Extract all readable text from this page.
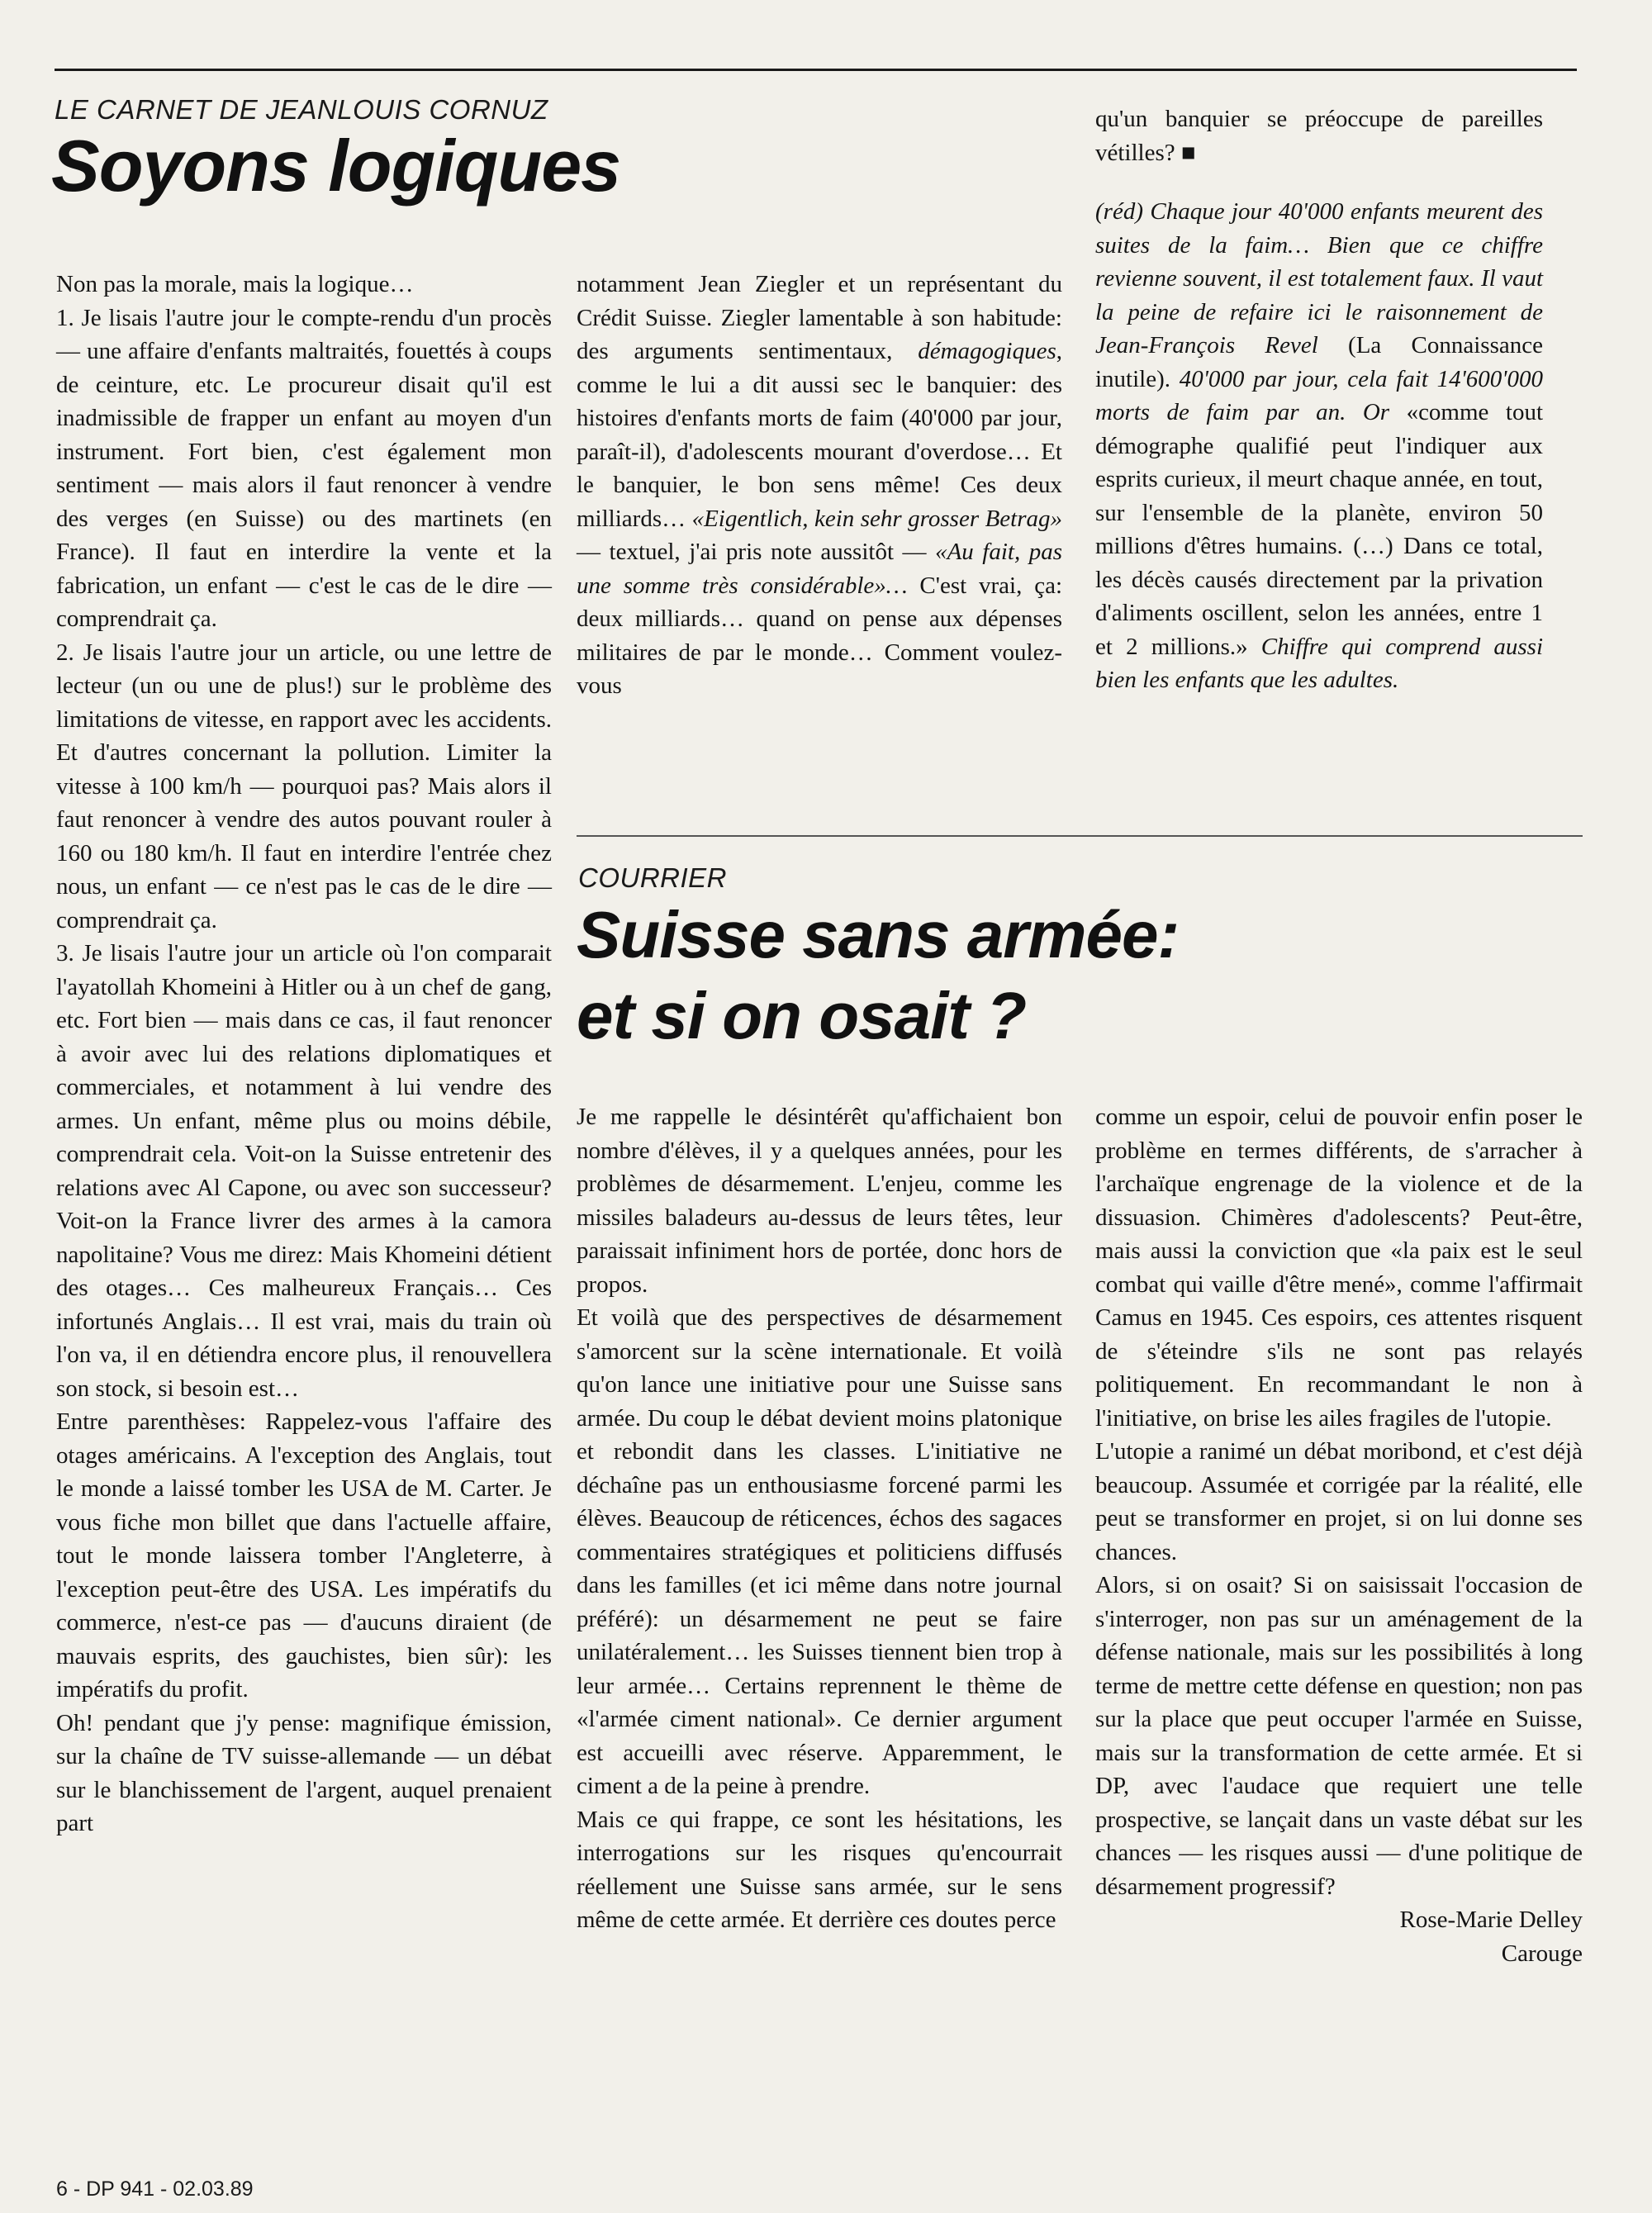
LE CARNET DE JEANLOUIS CORNUZ
Soyons logiques

Non pas la morale, mais la logique…

1. Je lisais l'autre jour le compte-rendu d'un procès — une affaire d'enfants maltraités, fouettés à coups de ceinture, etc. Le procureur disait qu'il est inadmissible de frapper un enfant au moyen d'un instrument. Fort bien, c'est également mon sentiment — mais alors il faut renoncer à vendre des verges (en Suisse) ou des martinets (en France). Il faut en interdire la vente et la fabrication, un enfant — c'est le cas de le dire — comprendrait ça.

2. Je lisais l'autre jour un article, ou une lettre de lecteur (un ou une de plus!) sur le problème des limitations de vitesse, en rapport avec les accidents. Et d'autres concernant la pollution. Limiter la vitesse à 100 km/h — pourquoi pas? Mais alors il faut renoncer à vendre des autos pouvant rouler à 160 ou 180 km/h. Il faut en interdire l'entrée chez nous, un enfant — ce n'est pas le cas de le dire — comprendrait ça.

3. Je lisais l'autre jour un article où l'on comparait l'ayatollah Khomeini à Hitler ou à un chef de gang, etc. Fort bien — mais dans ce cas, il faut renoncer à avoir avec lui des relations diplomatiques et commerciales, et notamment à lui vendre des armes. Un enfant, même plus ou moins débile, comprendrait cela. Voit-on la Suisse entretenir des relations avec Al Capone, ou avec son successeur? Voit-on la France livrer des armes à la camora napolitaine? Vous me direz: Mais Khomeini détient des otages… Ces malheureux Français… Ces infortunés Anglais… Il est vrai, mais du train où l'on va, il en détiendra encore plus, il renouvellera son stock, si besoin est…

Entre parenthèses: Rappelez-vous l'affaire des otages américains. A l'exception des Anglais, tout le monde a laissé tomber les USA de M. Carter. Je vous fiche mon billet que dans l'actuelle affaire, tout le monde laissera tomber l'Angleterre, à l'exception peut-être des USA. Les impératifs du commerce, n'est-ce pas — d'aucuns diraient (de mauvais esprits, des gauchistes, bien sûr): les impératifs du profit.

Oh! pendant que j'y pense: magnifique émission, sur la chaîne de TV suisse-allemande — un débat sur le blanchissement de l'argent, auquel prenaient part

notamment Jean Ziegler et un représentant du Crédit Suisse. Ziegler lamentable à son habitude: des arguments sentimentaux, démagogiques, comme le lui a dit aussi sec le banquier: des histoires d'enfants morts de faim (40'000 par jour, paraît-il), d'adolescents mourant d'overdose… Et le banquier, le bon sens même! Ces deux milliards… «Eigentlich, kein sehr grosser Betrag» — textuel, j'ai pris note aussitôt — «Au fait, pas une somme très considérable»… C'est vrai, ça: deux milliards… quand on pense aux dépenses militaires de par le monde… Comment voulez-vous

qu'un banquier se préoccupe de pareilles vétilles? ■

(réd) Chaque jour 40'000 enfants meurent des suites de la faim… Bien que ce chiffre revienne souvent, il est totalement faux. Il vaut la peine de refaire ici le raisonnement de Jean-François Revel (La Connaissance inutile). 40'000 par jour, cela fait 14'600'000 morts de faim par an. Or «comme tout démographe qualifié peut l'indiquer aux esprits curieux, il meurt chaque année, en tout, sur l'ensemble de la planète, environ 50 millions d'êtres humains. (…) Dans ce total, les décès causés directement par la privation d'aliments oscillent, selon les années, entre 1 et 2 millions.» Chiffre qui comprend aussi bien les enfants que les adultes.

COURRIER
Suisse sans armée:
et si on osait ?

Je me rappelle le désintérêt qu'affichaient bon nombre d'élèves, il y a quelques années, pour les problèmes de désarmement. L'enjeu, comme les missiles baladeurs au-dessus de leurs têtes, leur paraissait infiniment hors de portée, donc hors de propos.

Et voilà que des perspectives de désarmement s'amorcent sur la scène internationale. Et voilà qu'on lance une initiative pour une Suisse sans armée. Du coup le débat devient moins platonique et rebondit dans les classes. L'initiative ne déchaîne pas un enthousiasme forcené parmi les élèves. Beaucoup de réticences, échos des sagaces commentaires stratégiques et politiciens diffusés dans les familles (et ici même dans notre journal préféré): un désarmement ne peut se faire unilatéralement… les Suisses tiennent bien trop à leur armée… Certains reprennent le thème de «l'armée ciment national». Ce dernier argument est accueilli avec réserve. Apparemment, le ciment a de la peine à prendre.

Mais ce qui frappe, ce sont les hésitations, les interrogations sur les risques qu'encourrait réellement une Suisse sans armée, sur le sens même de cette armée. Et derrière ces doutes perce

comme un espoir, celui de pouvoir enfin poser le problème en termes différents, de s'arracher à l'archaïque engrenage de la violence et de la dissuasion. Chimères d'adolescents? Peut-être, mais aussi la conviction que «la paix est le seul combat qui vaille d'être mené», comme l'affirmait Camus en 1945. Ces espoirs, ces attentes risquent de s'éteindre s'ils ne sont pas relayés politiquement. En recommandant le non à l'initiative, on brise les ailes fragiles de l'utopie.

L'utopie a ranimé un débat moribond, et c'est déjà beaucoup. Assumée et corrigée par la réalité, elle peut se transformer en projet, si on lui donne ses chances.

Alors, si on osait? Si on saisissait l'occasion de s'interroger, non pas sur un aménagement de la défense nationale, mais sur les possibilités à long terme de mettre cette défense en question; non pas sur la place que peut occuper l'armée en Suisse, mais sur la transformation de cette armée. Et si DP, avec l'audace que requiert une telle prospective, se lançait dans un vaste débat sur les chances — les risques aussi — d'une politique de désarmement progressif?

Rose-Marie Delley

Carouge

6 - DP 941 - 02.03.89
